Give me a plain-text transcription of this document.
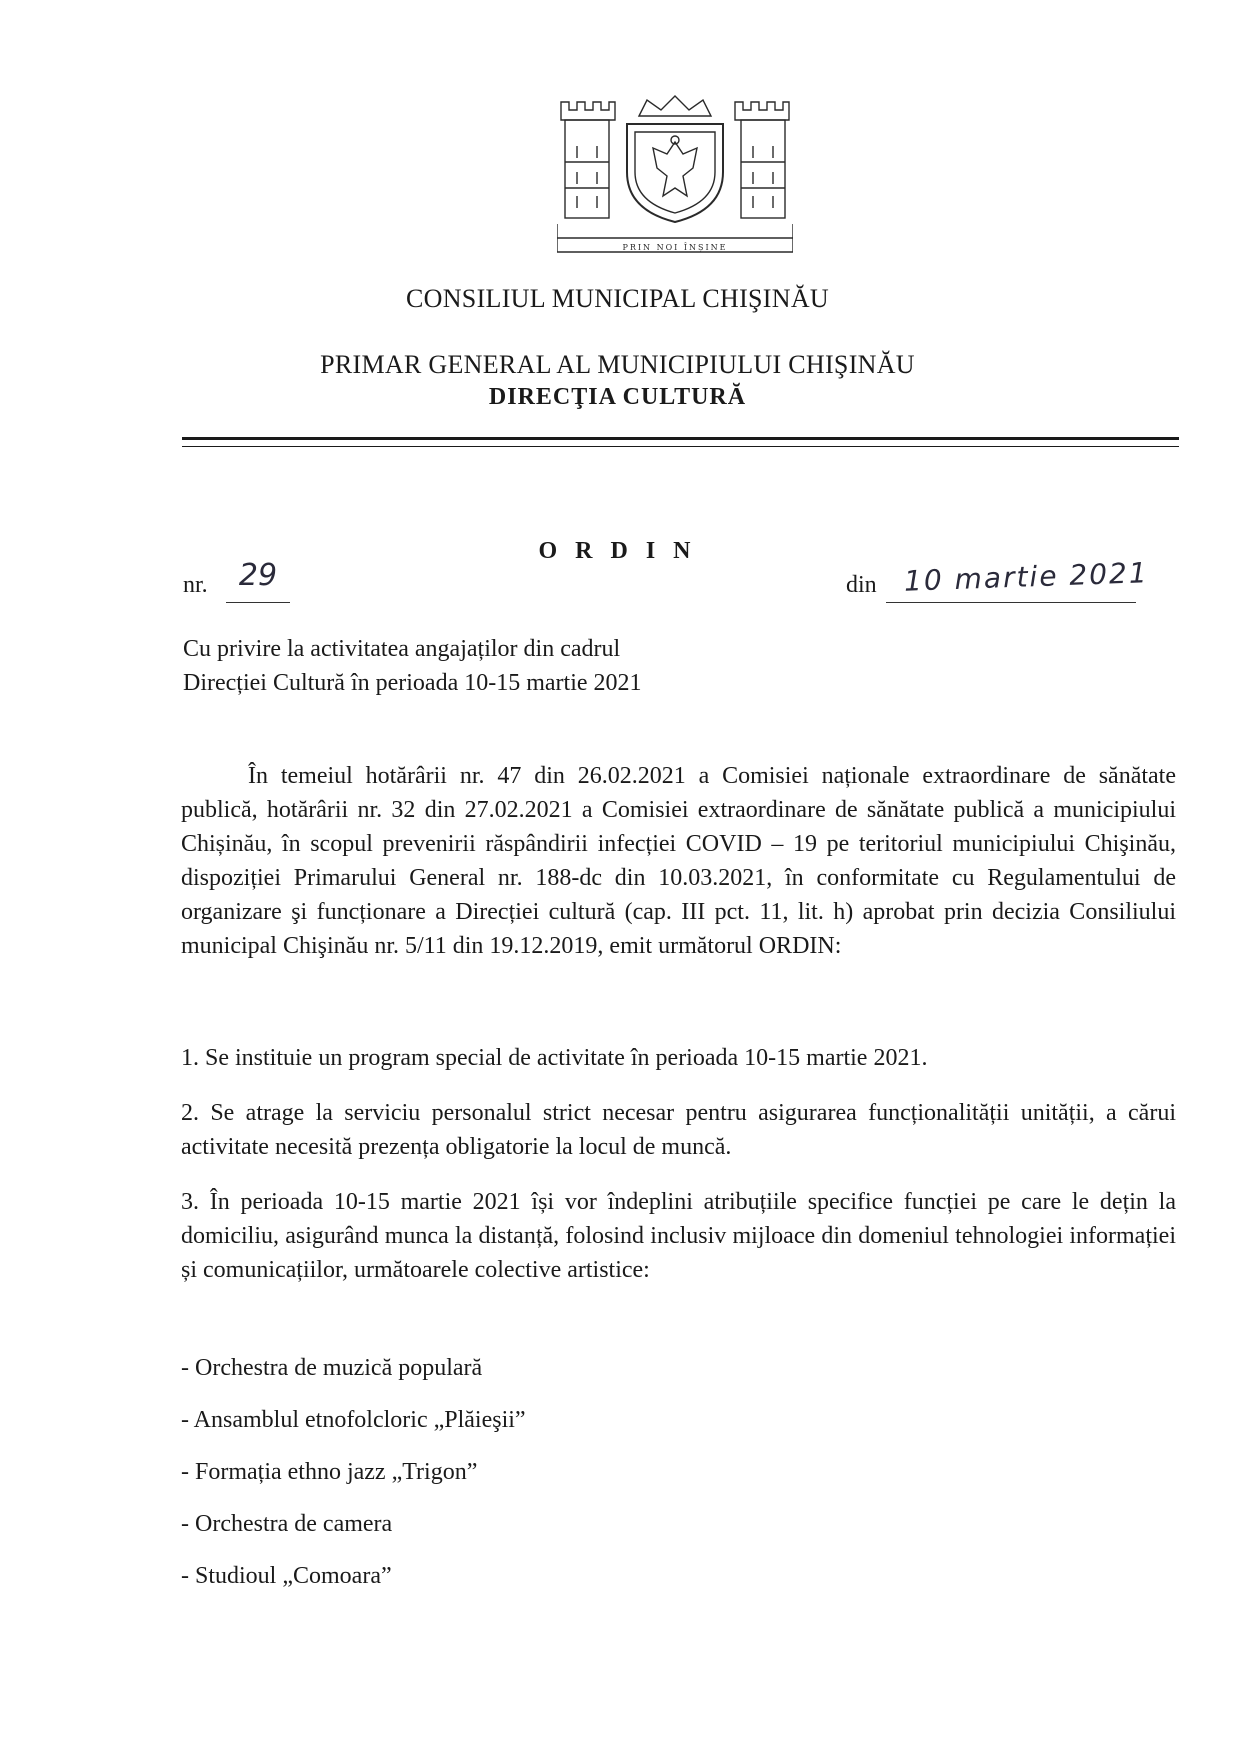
PRIN NOI ÎNȘINE
CONSILIUL MUNICIPAL CHIŞINĂU
PRIMAR GENERAL AL MUNICIPIULUI CHIŞINĂU
DIRECŢIA CULTURĂ
O R D I N
nr.	29	din 10 martie 2021
Cu privire la activitatea angajaților din cadrul
Direcției Cultură în perioada 10-15 martie 2021
În temeiul hotărârii nr. 47 din 26.02.2021 a Comisiei naționale extraordinare de sănătate publică, hotărârii nr. 32 din 27.02.2021 a Comisiei extraordinare de sănătate publică a municipiului Chișinău, în scopul prevenirii răspândirii infecției COVID – 19 pe teritoriul municipiului Chişinău, dispoziției Primarului General nr. 188-dc din 10.03.2021, în conformitate cu Regulamentului de organizare şi funcționare a Direcției cultură (cap. III pct. 11, lit. h) aprobat prin decizia Consiliului municipal Chişinău nr. 5/11 din 19.12.2019, emit următorul ORDIN:
1. Se instituie un program special de activitate în perioada 10-15 martie 2021.
2. Se atrage la serviciu personalul strict necesar pentru asigurarea funcționalității unității, a cărui activitate necesită prezența obligatorie la locul de muncă.
3. În perioada 10-15 martie 2021 își vor îndeplini atribuțiile specifice funcției pe care le dețin la domiciliu, asigurând munca la distanță, folosind inclusiv mijloace din domeniul tehnologiei informației și comunicațiilor, următoarele colective artistice:
- Orchestra de muzică populară
- Ansamblul etnofolcloric „Plăieşii”
- Formația ethno jazz „Trigon”
- Orchestra de camera
- Studioul „Comoara”
